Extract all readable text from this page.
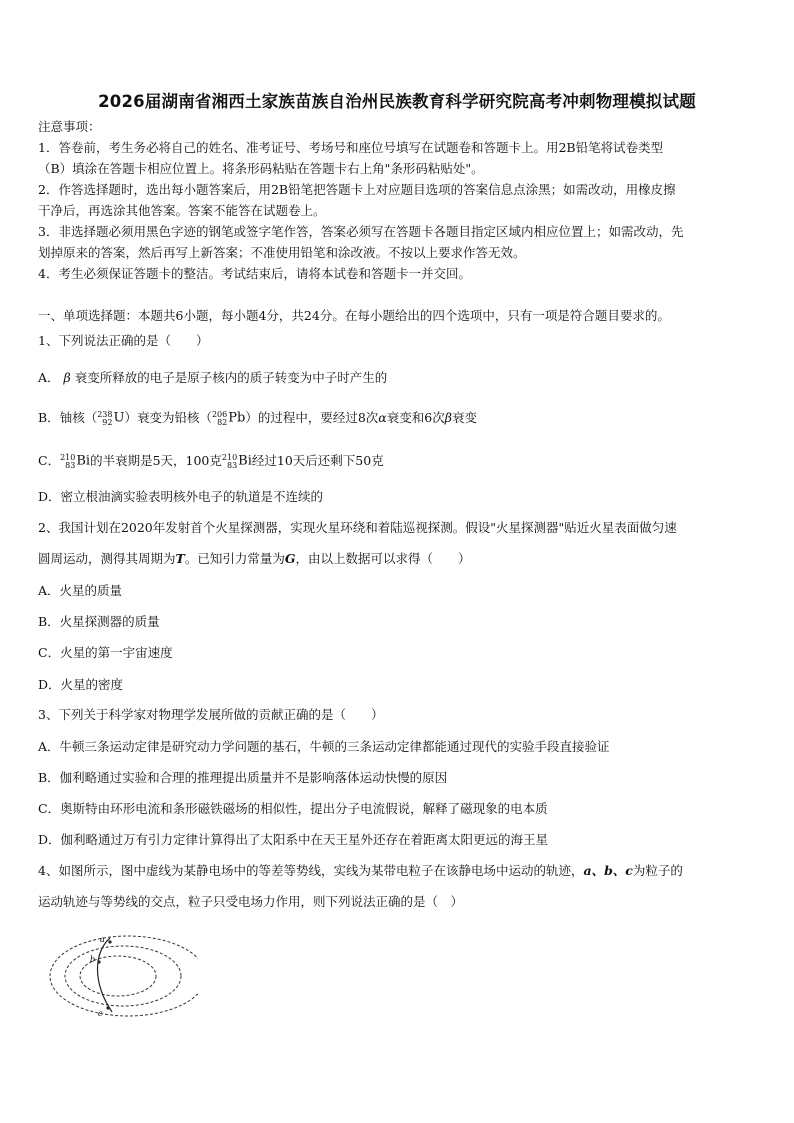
2026届湖南省湘西土家族苗族自治州民族教育科学研究院高考冲刺物理模拟试题
注意事项：
1．答卷前，考生务必将自己的姓名、准考证号、考场号和座位号填写在试题卷和答题卡上。用2B铅笔将试卷类型
（B）填涂在答题卡相应位置上。将条形码粘贴在答题卡右上角"条形码粘贴处"。
2．作答选择题时，选出每小题答案后，用2B铅笔把答题卡上对应题目选项的答案信息点涂黑；如需改动，用橡皮擦
干净后，再选涂其他答案。答案不能答在试题卷上。
3．非选择题必须用黑色字迹的钢笔或签字笔作答，答案必须写在答题卡各题目指定区域内相应位置上；如需改动，先
划掉原来的答案，然后再写上新答案；不准使用铅笔和涂改液。不按以上要求作答无效。
4．考生必须保证答题卡的整洁。考试结束后，请将本试卷和答题卡一并交回。
一、单项选择题：本题共6小题，每小题4分，共24分。在每小题给出的四个选项中，只有一项是符合题目要求的。
1、下列说法正确的是（　　）
A． β 衰变所释放的电子是原子核内的质子转变为中子时产生的
B．铀核（ 238
92 U）衰变为铅核（ 206
82 Pb）的过程中，要经过8次α衰变和6次β衰变
C． 210
83 Bi的半衰期是5天，100克 210
83 Bi经过10天后还剩下50克
D．密立根油滴实验表明核外电子的轨道是不连续的
2、我国计划在2020年发射首个火星探测器，实现火星环绕和着陆巡视探测。假设"火星探测器"贴近火星表面做匀速
圆周运动，测得其周期为T。已知引力常量为G，由以上数据可以求得（　　）
A．火星的质量
B．火星探测器的质量
C．火星的第一宇宙速度
D．火星的密度
3、下列关于科学家对物理学发展所做的贡献正确的是（　　）
A．牛顿三条运动定律是研究动力学问题的基石，牛顿的三条运动定律都能通过现代的实验手段直接验证
B．伽利略通过实验和合理的推理提出质量并不是影响落体运动快慢的原因
C．奥斯特由环形电流和条形磁铁磁场的相似性，提出分子电流假说，解释了磁现象的电本质
D．伽利略通过万有引力定律计算得出了太阳系中在天王星外还存在着距离太阳更远的海王星
4、如图所示，图中虚线为某静电场中的等差等势线，实线为某带电粒子在该静电场中运动的轨迹，a、b、c为粒子的
运动轨迹与等势线的交点，粒子只受电场力作用，则下列说法正确的是（　）
a
b
c
